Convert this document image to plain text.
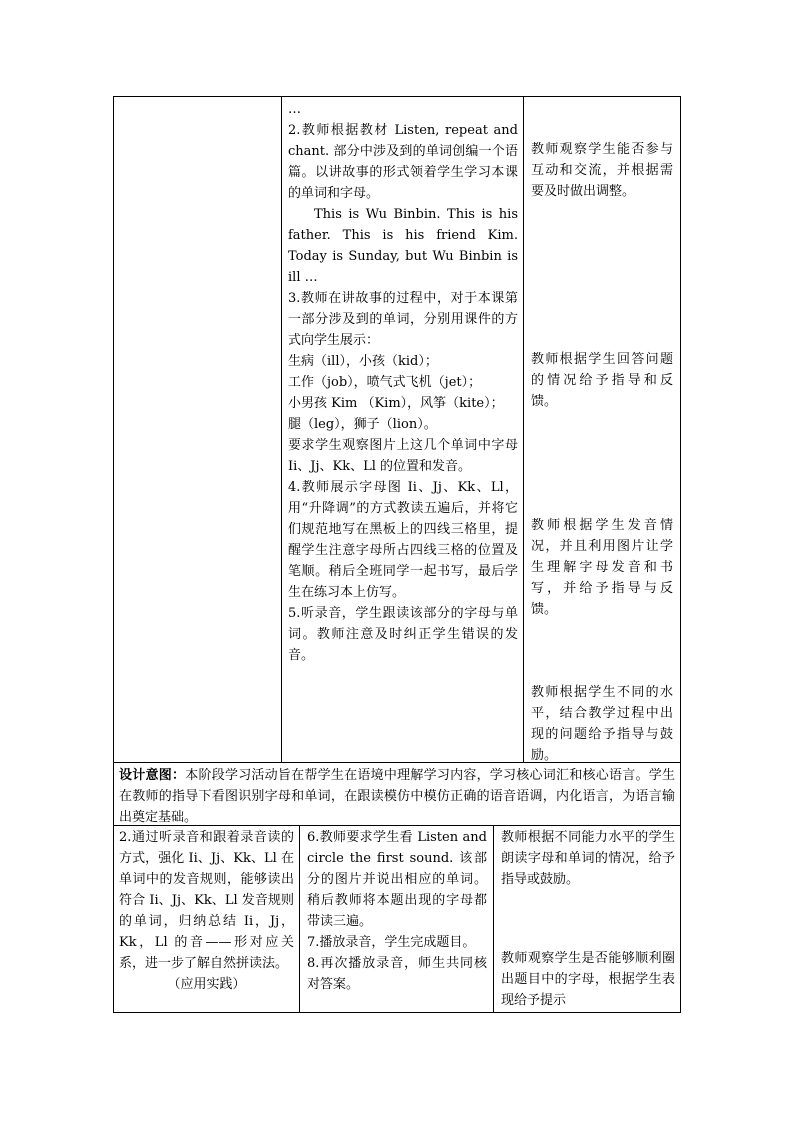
…

2.教师根据教材 Listen, repeat and chant. 部分中涉及到的单词创编一个语篇。以讲故事的形式领着学生学习本课的单词和字母。

This is Wu Binbin. This is his father. This is his friend Kim. Today is Sunday, but Wu Binbin is ill …

3.教师在讲故事的过程中，对于本课第一部分涉及到的单词，分别用课件的方式向学生展示：

生病（ill），小孩（kid）；

工作（job），喷气式飞机（jet）；

小男孩 Kim （Kim），风筝（kite）；

腿（leg），狮子（lion）。

要求学生观察图片上这几个单词中字母 Ii、Jj、Kk、Ll 的位置和发音。

4.教师展示字母图 Ii、Jj、Kk、Ll，用“升降调”的方式教读五遍后，并将它们规范地写在黑板上的四线三格里，提醒学生注意字母所占四线三格的位置及笔顺。稍后全班同学一起书写，最后学生在练习本上仿写。

5.听录音，学生跟读该部分的字母与单词。教师注意及时纠正学生错误的发音。

教师观察学生能否参与互动和交流，并根据需要及时做出调整。
教师根据学生回答问题的情况给予指导和反馈。
教师根据学生发音情况，并且利用图片让学生理解字母发音和书写，并给予指导与反馈。
教师根据学生不同的水平，结合教学过程中出现的问题给予指导与鼓励。
设计意图：本阶段学习活动旨在帮学生在语境中理解学习内容，学习核心词汇和核心语言。学生在教师的指导下看图识别字母和单词，在跟读模仿中模仿正确的语音语调，内化语言，为语言输出奠定基础。

2.通过听录音和跟着录音读的方式，强化 Ii、Jj、Kk、Ll 在单词中的发音规则，能够读出符合 Ii、Jj、Kk、Ll 发音规则的单词，归纳总结 Ii，Jj，Kk，Ll 的音——形对应关系，进一步了解自然拼读法。

（应用实践）

6.教师要求学生看 Listen and circle the first sound. 该部分的图片并说出相应的单词。稍后教师将本题出现的字母都带读三遍。

7.播放录音，学生完成题目。

8.再次播放录音，师生共同核对答案。

教师根据不同能力水平的学生朗读字母和单词的情况，给予指导或鼓励。
教师观察学生是否能够顺利圈出题目中的字母，根据学生表现给予提示
